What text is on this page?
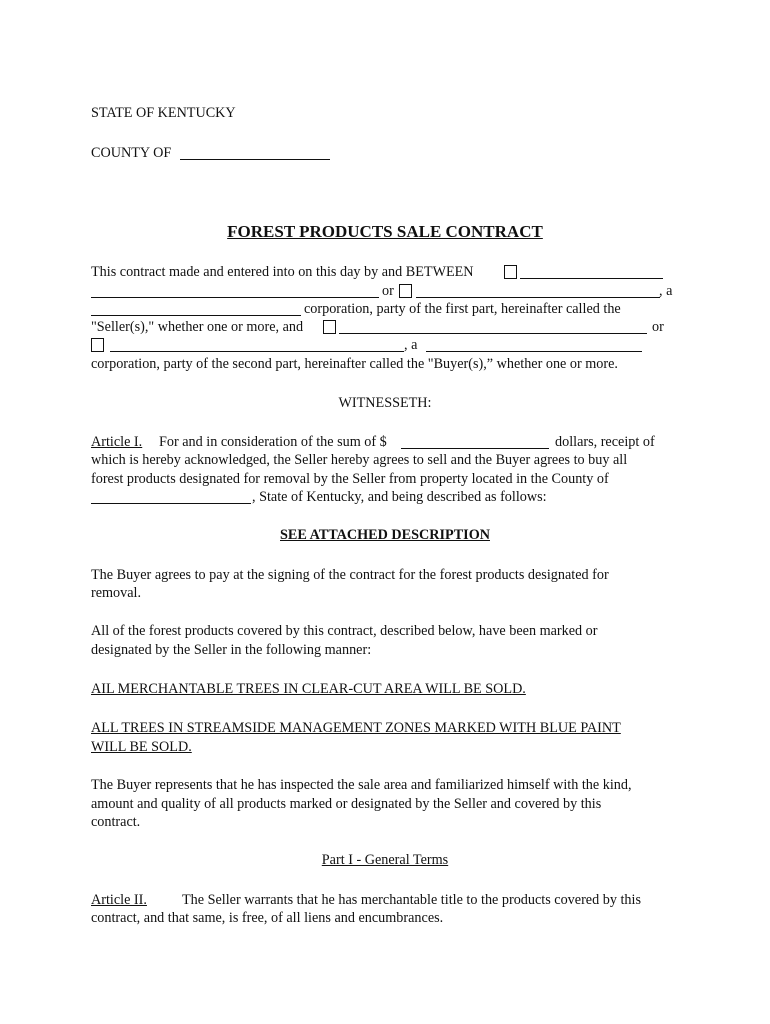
STATE OF KENTUCKY
COUNTY OF
FOREST PRODUCTS SALE CONTRACT
This contract made and entered into on this day by and BETWEEN
or	, a
corporation, party of the first part, hereinafter called the
"Seller(s)," whether one or more, and	or
, a
corporation, party of the second part, hereinafter called the "Buyer(s),” whether one or more.
WITNESSETH:
Article I. For and in consideration of the sum of $	dollars, receipt of
which is hereby acknowledged, the Seller hereby agrees to sell and the Buyer agrees to buy all
forest products designated for removal by the Seller from property located in the County of
, State of Kentucky, and being described as follows:
SEE ATTACHED DESCRIPTION
The Buyer agrees to pay at the signing of the contract for the forest products designated for
removal.
All of the forest products covered by this contract, described below, have been marked or
designated by the Seller in the following manner:
AIL MERCHANTABLE TREES IN CLEAR-CUT AREA WILL BE SOLD.
ALL TREES IN STREAMSIDE MANAGEMENT ZONES MARKED WITH BLUE PAINT
WILL BE SOLD.
The Buyer represents that he has inspected the sale area and familiarized himself with the kind,
amount and quality of all products marked or designated by the Seller and covered by this
contract.
Part I - General Terms
Article II. The Seller warrants that he has merchantable title to the products covered by this
contract, and that same, is free, of all liens and encumbrances.
